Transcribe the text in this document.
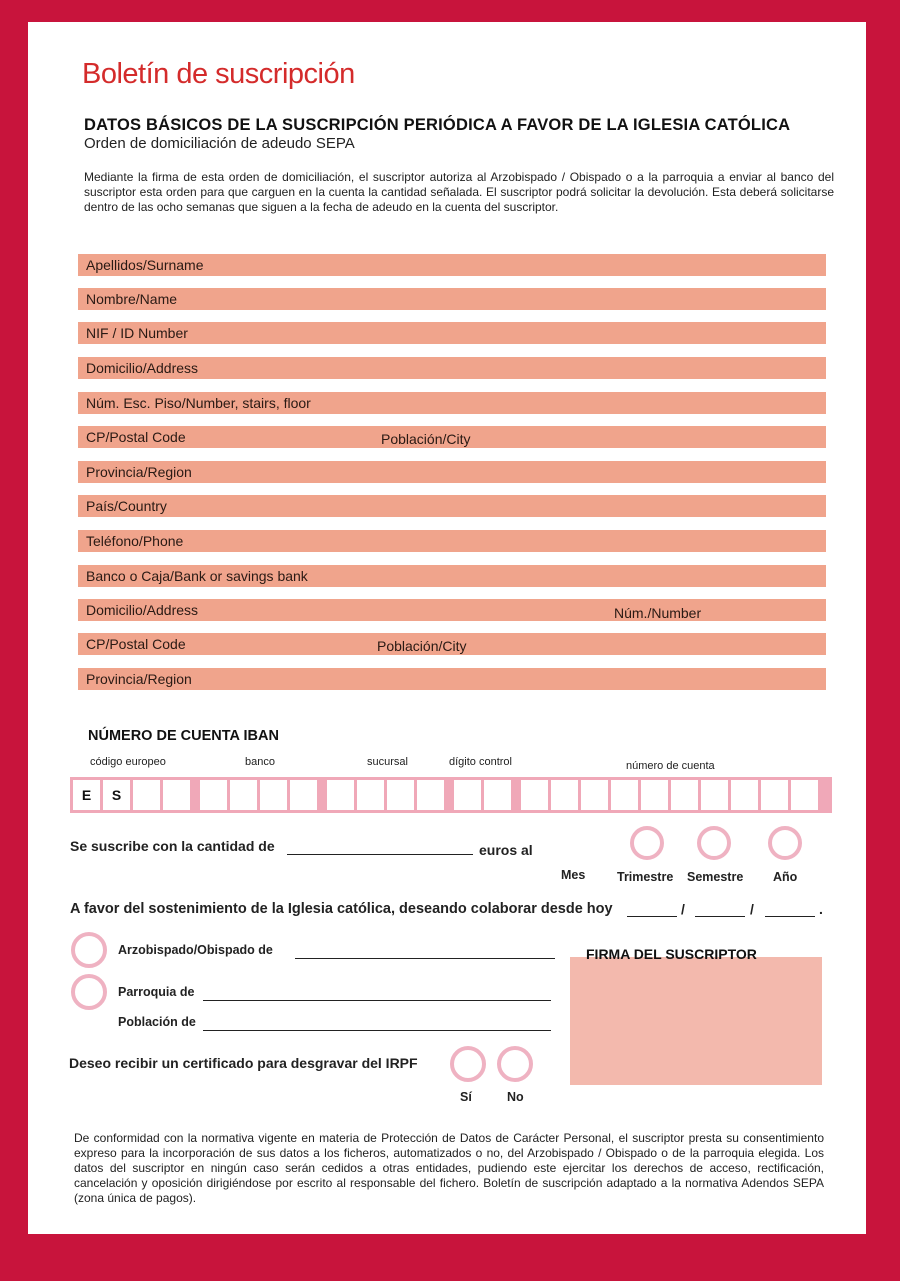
Boletín de suscripción
DATOS BÁSICOS DE LA SUSCRIPCIÓN PERIÓDICA A FAVOR DE LA IGLESIA CATÓLICA
Orden de domiciliación de adeudo SEPA
Mediante la firma de esta orden de domiciliación, el suscriptor autoriza al Arzobispado / Obispado o a la parroquia a enviar al banco del suscriptor esta orden para que carguen en la cuenta la cantidad señalada. El suscriptor podrá solicitar la devolución. Esta deberá solicitarse dentro de las ocho semanas que siguen a la fecha de adeudo en la cuenta del suscriptor.
Apellidos/Surname
Nombre/Name
NIF / ID Number
Domicilio/Address
Núm. Esc. Piso/Number, stairs, floor
CP/Postal Code	Población/City
Provincia/Region
País/Country
Teléfono/Phone
Banco o Caja/Bank or savings bank
Domicilio/Address	Núm./Number
CP/Postal Code	Población/City
Provincia/Region
NÚMERO DE CUENTA IBAN
código europeo	banco	sucursal	dígito control	número de cuenta
E	S
Se suscribe con la cantidad de	euros al
Mes	Trimestre Semestre Año
A favor del sostenimiento de la Iglesia católica, deseando colaborar desde hoy	/	/	.
Arzobispado/Obispado de
Parroquia de
Población de
FIRMA DEL SUSCRIPTOR
Deseo recibir un certificado para desgravar del IRPF
Sí	No
De conformidad con la normativa vigente en materia de Protección de Datos de Carácter Personal, el suscriptor presta su consentimiento expreso para la incorporación de sus datos a los ficheros, automatizados o no, del Arzobispado / Obispado o de la parroquia elegida. Los datos del suscriptor en ningún caso serán cedidos a otras entidades, pudiendo este ejercitar los derechos de acceso, rectificación, cancelación y oposición dirigiéndose por escrito al responsable del fichero. Boletín de suscripción adaptado a la normativa Adendos SEPA (zona única de pagos).
